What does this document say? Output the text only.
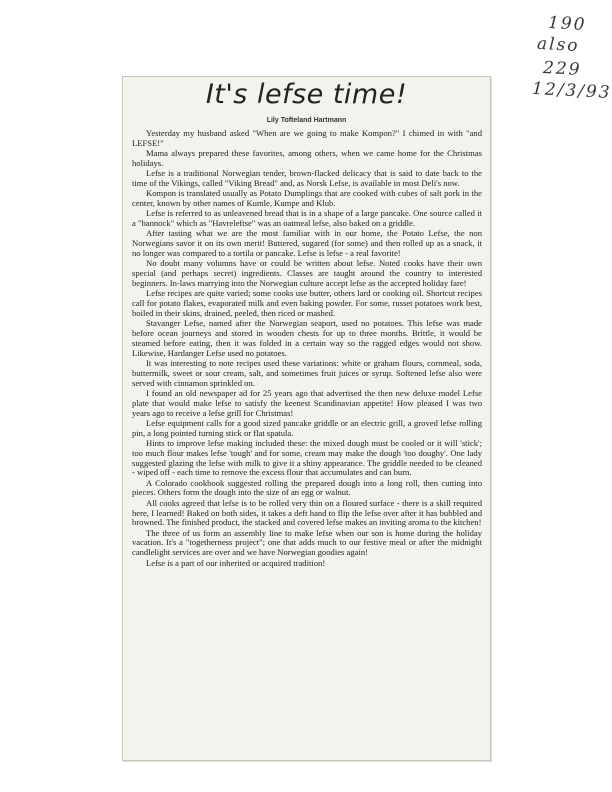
190
also
229
12/3/93
It's lefse time!
Lily Tofteland Hartmann

Yesterday my husband asked "When are we going to make Kompon?" I chimed in with "and LEFSE!"

Mama always prepared these favorites, among others, when we came home for the Christmas holidays.

Lefse is a traditional Norwegian tender, brown-flacked delicacy that is said to date back to the time of the Vikings, called "Viking Bread" and, as Norsk Lefse, is available in most Deli's now.

Kompon is translated usually as Potato Dumplings that are cooked with cubes of salt pork in the center, known by other names of Kumle, Kumpe and Klub.

Lefse is referred to as unleavened bread that is in a shape of a large pancake. One source called it a "bannock" which as "Havreleftse" was an oatmeal lefse, also baked on a griddle.

After tasting what we are the most familiar with in our home, the Potato Lefse, the non Norwegians savor it on its own merit! Buttered, sugared (for some) and then rolled up as a snack, it no longer was compared to a tortila or pancake. Lefse is lefse - a real favorite!

No doubt many volumns have or could be written about lefse. Noted cooks have their own special (and perhaps secret) ingredients. Classes are taught around the country to interested beginners. In-laws marrying into the Norwegian culture accept lefse as the accepted holiday fare!

Lefse recipes are quite varied; some cooks use butter, others lard or cooking oil. Shortcut recipes call for potato flakes, evaporated milk and even baking powder. For some, russet potatoes work best, boiled in their skins, drained, peeled, then riced or mashed.

Stavanger Lefse, named after the Norwegian seaport, used no potatoes. This lefse was made before ocean journeys and stored in wooden chests for up to three months. Brittle, it would be steamed before eating, then it was folded in a certain way so the ragged edges would not show. Likewise, Hardanger Lefse used no potatoes.

It was interesting to note recipes used these variations: white or graham flours, cornmeal, soda, buttermilk, sweet or sour cream, salt, and sometimes fruit juices or syrup. Softened lefse also were served with cinnamon sprinkled on.

I found an old newspaper ad for 25 years ago that advertised the then new deluxe model Lefse plate that would make lefse to satisfy the keenest Scandinavian appetite! How pleased I was two years ago to receive a lefse grill for Christmas!

Lefse equipment calls for a good sized pancake griddle or an electric grill, a groved lefse rolling pin, a long pointed turning stick or flat spatula.

Hints to improve lefse making included these: the mixed dough must be cooled or it will 'stick'; too much flour makes lefse 'tough' and for some, cream may make the dough 'too doughy'. One lady suggested glazing the lefse with milk to give it a shiny appearance. The griddle needed to be cleaned - wiped off - each time to remove the excess flour that accumulates and can burn.

A Colorado cookbook suggested rolling the prepared dough into a long roll, then cutting into pieces. Others form the dough into the size of an egg or walnut.

All cooks agreed that lefse is to be rolled very thin on a floured surface - there is a skill required here, I learned! Baked on both sides, it takes a deft hand to flip the lefse over after it has bubbled and browned. The finished product, the stacked and covered lefse makes an inviting aroma to the kitchen!

The three of us form an assembly line to make lefse when our son is home during the holiday vacation. It's a "togetherness project"; one that adds much to our festive meal or after the midnight candlelight services are over and we have Norwegian goodies again!

Lefse is a part of our inherited or acquired tradition!
